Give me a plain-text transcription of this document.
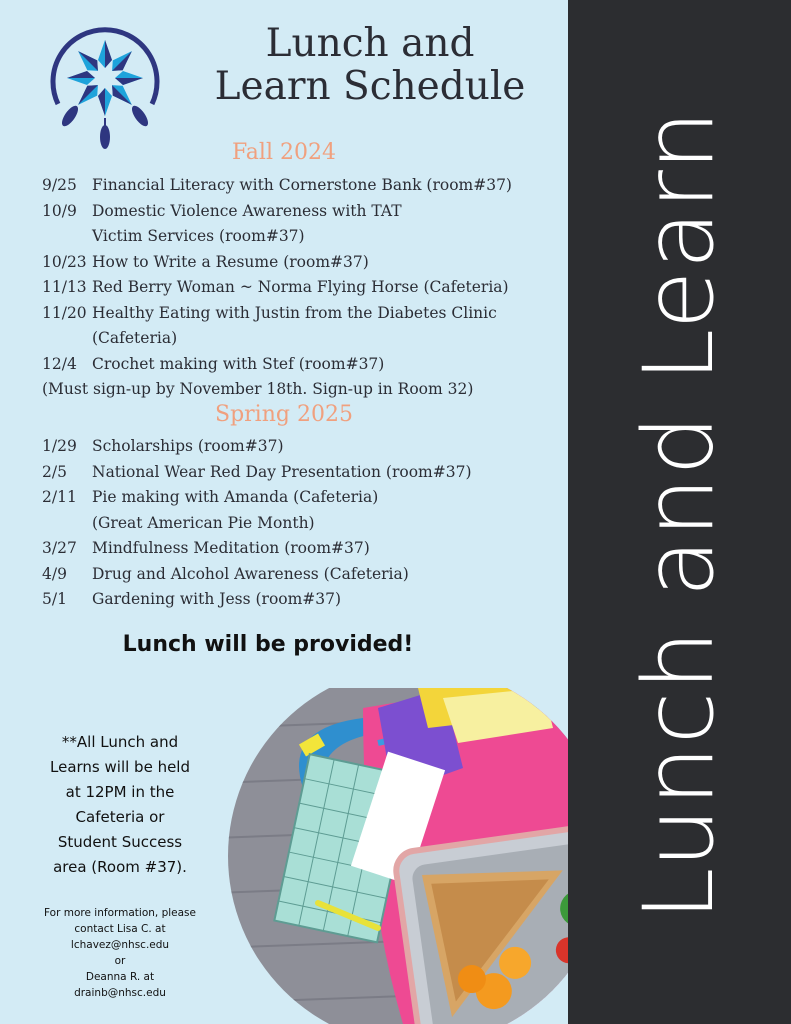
Lunch and
Learn Schedule
Fall 2024
9/25 Financial Literacy with Cornerstone Bank (room#37)
10/9 Domestic Violence Awareness with TAT
Victim Services (room#37)
10/23 How to Write a Resume (room#37)
11/13 Red Berry Woman ~ Norma Flying Horse (Cafeteria)
11/20 Healthy Eating with Justin from the Diabetes Clinic
(Cafeteria)
12/4 Crochet making with Stef (room#37)
(Must sign-up by November 18th. Sign-up in Room 32)
Spring 2025
1/29 Scholarships (room#37)
2/5	National Wear Red Day Presentation (room#37)
2/11 Pie making with Amanda (Cafeteria)
(Great American Pie Month)
3/27 Mindfulness Meditation (room#37)
4/9	Drug and Alcohol Awareness (Cafeteria)
5/1	Gardening with Jess (room#37)
Lunch will be provided!
**All Lunch and
Learns will be held
at 12PM in the
Cafeteria or
Student Success
area (Room #37).
For more information, please
contact Lisa C. at
lchavez@nhsc.edu
or
Deanna R. at
drainb@nhsc.edu
Lunch and Learn
